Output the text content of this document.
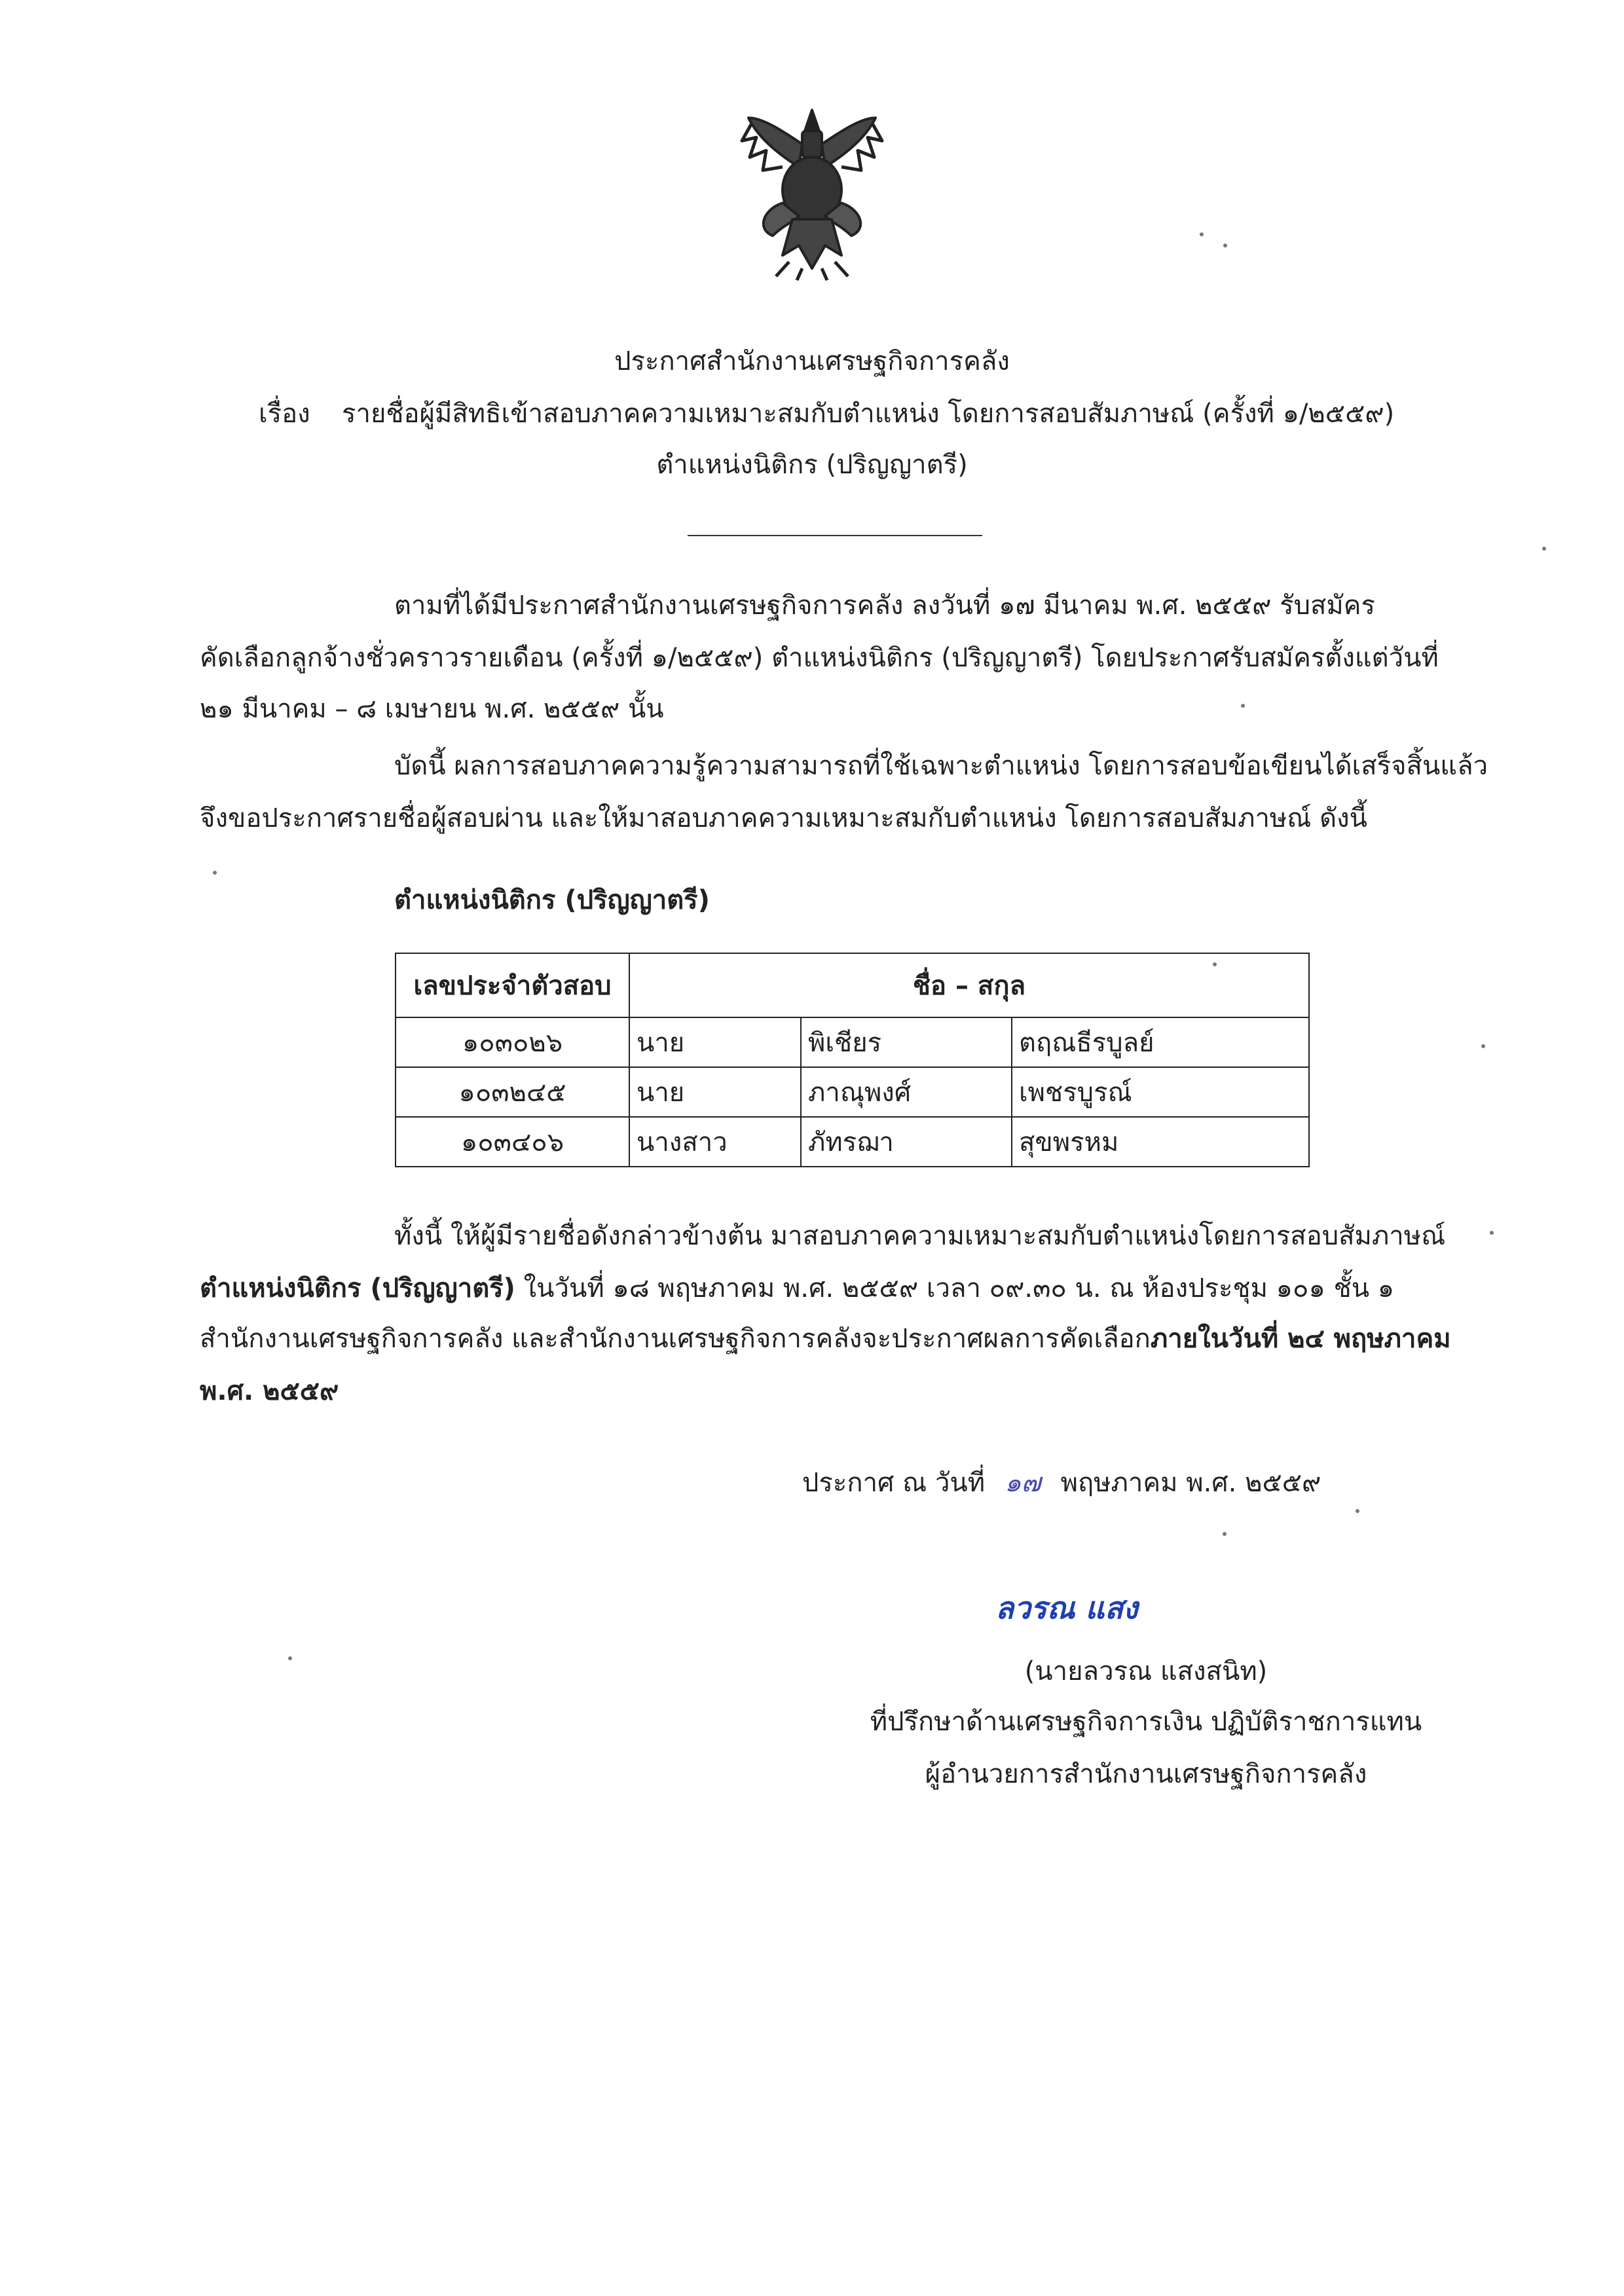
ประกาศสำนักงานเศรษฐกิจการคลัง
เรื่อง รายชื่อผู้มีสิทธิเข้าสอบภาคความเหมาะสมกับตำแหน่ง โดยการสอบสัมภาษณ์ (ครั้งที่ ๑/๒๕๕๙)
ตำแหน่งนิติกร (ปริญญาตรี)
ตามที่ได้มีประกาศสำนักงานเศรษฐกิจการคลัง ลงวันที่ ๑๗ มีนาคม พ.ศ. ๒๕๕๙ รับสมัคร
คัดเลือกลูกจ้างชั่วคราวรายเดือน (ครั้งที่ ๑/๒๕๕๙) ตำแหน่งนิติกร (ปริญญาตรี) โดยประกาศรับสมัครตั้งแต่วันที่
๒๑ มีนาคม – ๘ เมษายน พ.ศ. ๒๕๕๙ นั้น
บัดนี้ ผลการสอบภาคความรู้ความสามารถที่ใช้เฉพาะตำแหน่ง โดยการสอบข้อเขียนได้เสร็จสิ้นแล้ว
จึงขอประกาศรายชื่อผู้สอบผ่าน และให้มาสอบภาคความเหมาะสมกับตำแหน่ง โดยการสอบสัมภาษณ์ ดังนี้
ตำแหน่งนิติกร (ปริญญาตรี)
เลขประจำตัวสอบ	ชื่อ – สกุล		
๑๐๓๐๒๖	นาย	พิเชียร	ตฤณธีรบูลย์
๑๐๓๒๔๕	นาย	ภาณุพงศ์	เพชรบูรณ์
๑๐๓๔๐๖	นางสาว	ภัทรฌา	สุขพรหม
ทั้งนี้ ให้ผู้มีรายชื่อดังกล่าวข้างต้น มาสอบภาคความเหมาะสมกับตำแหน่งโดยการสอบสัมภาษณ์
ตำแหน่งนิติกร (ปริญญาตรี) ในวันที่ ๑๘ พฤษภาคม พ.ศ. ๒๕๕๙ เวลา ๐๙.๓๐ น. ณ ห้องประชุม ๑๐๑ ชั้น ๑
สำนักงานเศรษฐกิจการคลัง และสำนักงานเศรษฐกิจการคลังจะประกาศผลการคัดเลือกภายในวันที่ ๒๔ พฤษภาคม
พ.ศ. ๒๕๕๙
ประกาศ ณ วันที่ ๑๗ พฤษภาคม พ.ศ. ๒๕๕๙
ลวรณ แสง
(นายลวรณ แสงสนิท)
ที่ปรึกษาด้านเศรษฐกิจการเงิน ปฏิบัติราชการแทน
ผู้อำนวยการสำนักงานเศรษฐกิจการคลัง
